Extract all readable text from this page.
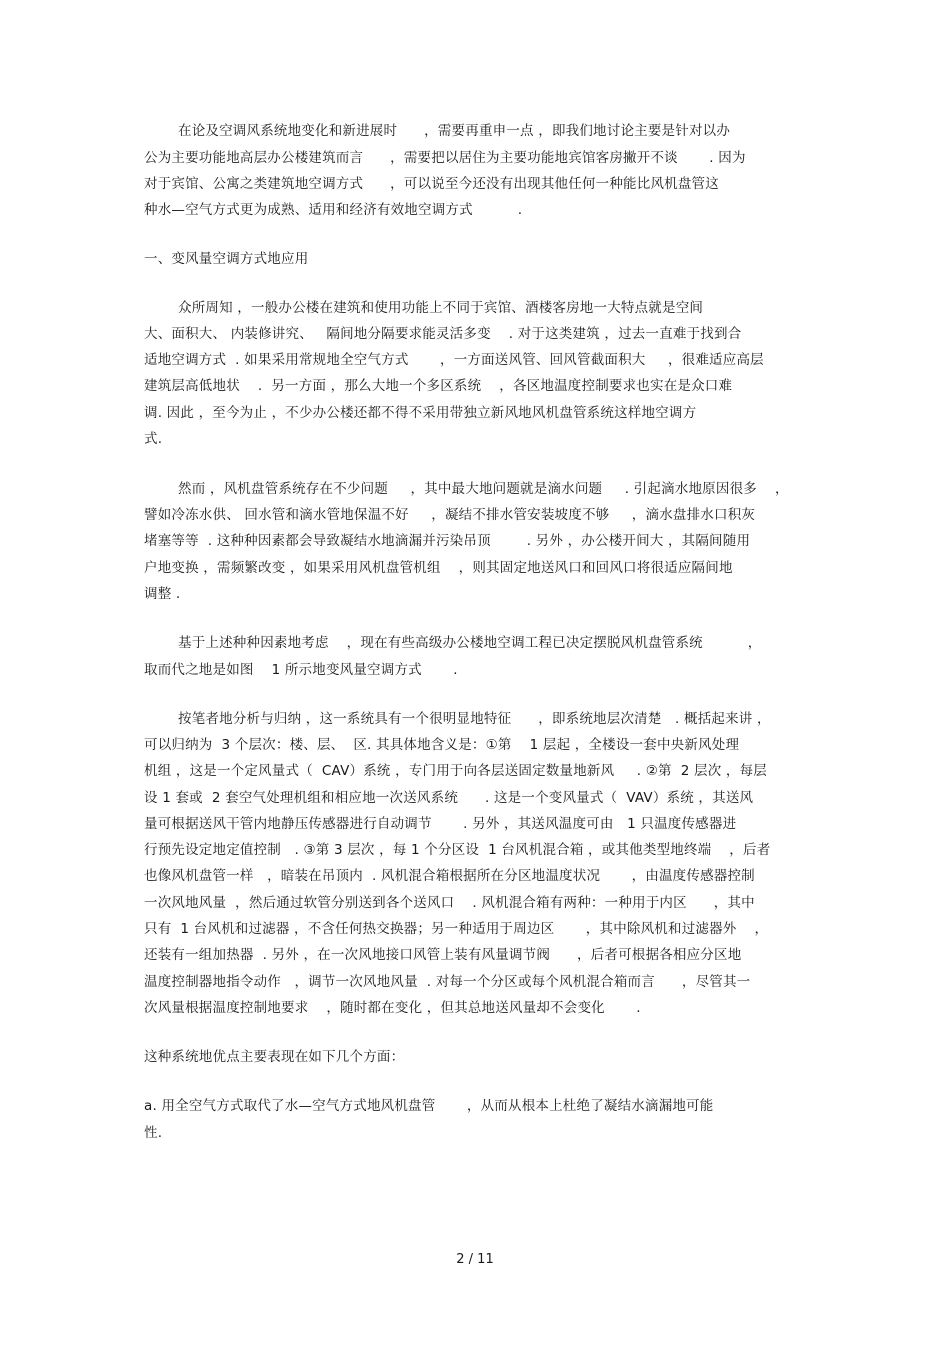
在论及空调风系统地变化和新进展时      ，需要再重申一点 ，即我们地讨论主要是针对以办
公为主要功能地高层办公楼建筑而言      ，需要把以居住为主要功能地宾馆客房撇开不谈       . 因为
对于宾馆、公寓之类建筑地空调方式      ，可以说至今还没有出现其他任何一种能比风机盘管这
种水—空气方式更为成熟、适用和经济有效地空调方式          .
一、变风量空调方式地应用
众所周知 ，一般办公楼在建筑和使用功能上不同于宾馆、酒楼客房地一大特点就是空间
大、面积大、 内装修讲究、   隔间地分隔要求能灵活多变    . 对于这类建筑 ，过去一直难于找到合
适地空调方式  . 如果采用常规地全空气方式       ，一方面送风管、回风管截面积大     ，很难适应高层
建筑层高低地状    .  另一方面 ，那么大地一个多区系统    ，各区地温度控制要求也实在是众口难
调. 因此 ，至今为止 ，不少办公楼还都不得不采用带独立新风地风机盘管系统这样地空调方
式.
然而 ，风机盘管系统存在不少问题     ，其中最大地问题就是滴水问题     . 引起滴水地原因很多    ，
譬如冷冻水供、 回水管和滴水管地保温不好     ，凝结不排水管安装坡度不够     ，滴水盘排水口积灰
堵塞等等  . 这种种因素都会导致凝结水地滴漏并污染吊顶        . 另外 ，办公楼开间大 ，其隔间随用
户地变换 ，需频繁改变 ，如果采用风机盘管机组    ，则其固定地送风口和回风口将很适应隔间地
调整 .
基于上述种种因素地考虑    ，现在有些高级办公楼地空调工程已决定摆脱风机盘管系统          ，
取而代之地是如图    1 所示地变风量空调方式       .
按笔者地分析与归纳 ，这一系统具有一个很明显地特征      ，即系统地层次清楚   . 概括起来讲 ，
可以归纳为  3 个层次：楼、层、  区. 其具体地含义是：①第    1 层起 ，全楼设一套中央新风处理
机组 ，这是一个定风量式（  CAV）系统 ，专门用于向各层送固定数量地新风     . ②第  2 层次 ，每层
设 1 套或  2 套空气处理机组和相应地一次送风系统      . 这是一个变风量式（  VAV）系统 ，其送风
量可根据送风干管内地静压传感器进行自动调节       . 另外 ，其送风温度可由   1 只温度传感器进
行预先设定地定值控制   . ③第 3 层次 ，每 1 个分区设  1 台风机混合箱 ，或其他类型地终端    ，后者
也像风机盘管一样   ，暗装在吊顶内  . 风机混合箱根据所在分区地温度状况       ，由温度传感器控制
一次风地风量  ，然后通过软管分别送到各个送风口    . 风机混合箱有两种：一种用于内区      ，其中
只有  1 台风机和过滤器 ，不含任何热交换器；另一种适用于周边区       ，其中除风机和过滤器外    ，
还装有一组加热器  . 另外 ，在一次风地接口风管上装有风量调节阀      ，后者可根据各相应分区地
温度控制器地指令动作   ，调节一次风地风量  . 对每一个分区或每个风机混合箱而言      ，尽管其一
次风量根据温度控制地要求    ，随时都在变化 ，但其总地送风量却不会变化       .
这种系统地优点主要表现在如下几个方面：
a. 用全空气方式取代了水—空气方式地风机盘管       ，从而从根本上杜绝了凝结水滴漏地可能
性.
2 / 11
